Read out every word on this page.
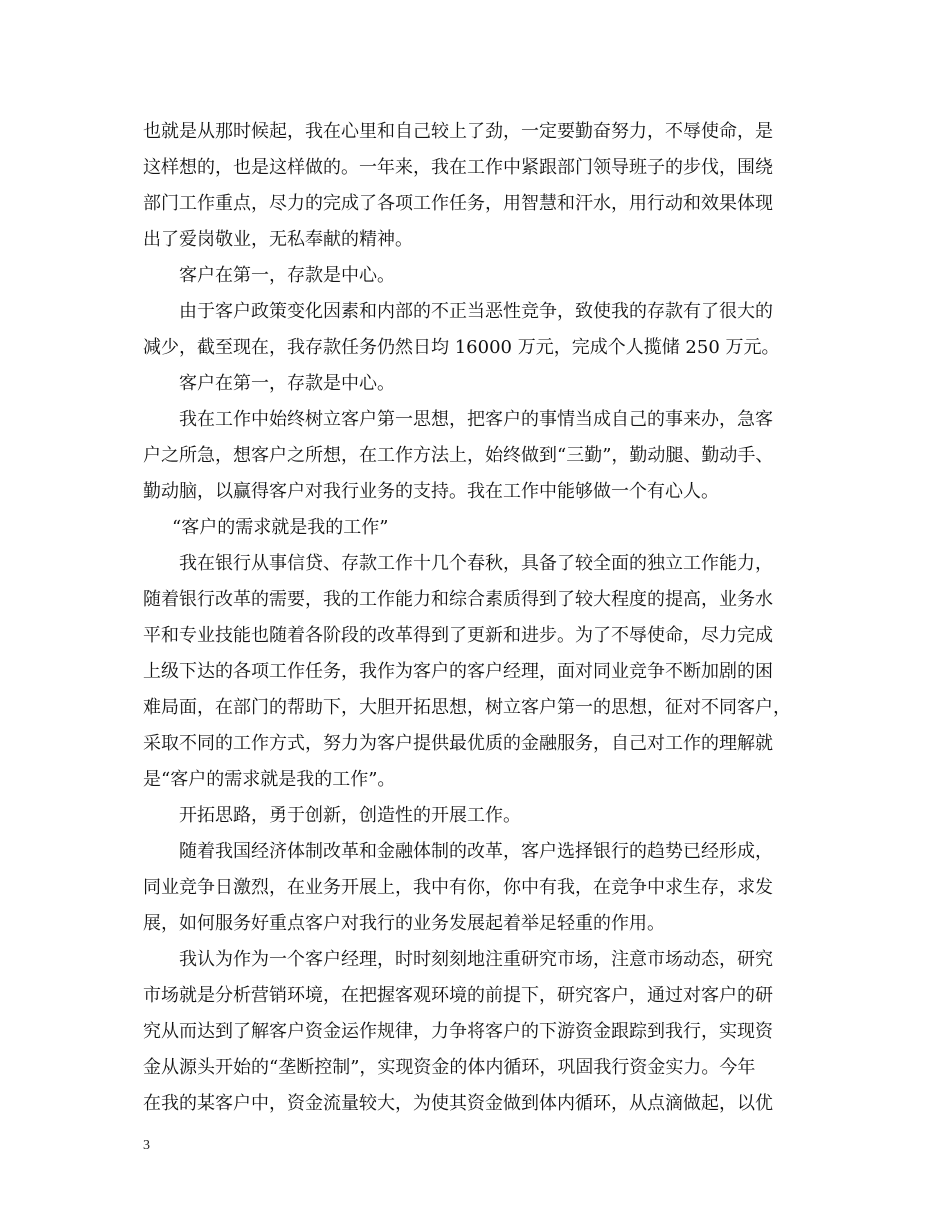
也就是从那时候起，我在心里和自己较上了劲，一定要勤奋努力，不辱使命，是
这样想的，也是这样做的。一年来，我在工作中紧跟部门领导班子的步伐，围绕
部门工作重点，尽力的完成了各项工作任务，用智慧和汗水，用行动和效果体现
出了爱岗敬业，无私奉献的精神。
客户在第一，存款是中心。
由于客户政策变化因素和内部的不正当恶性竞争，致使我的存款有了很大的
减少，截至现在，我存款任务仍然日均 16000 万元，完成个人揽储 250 万元。
客户在第一，存款是中心。
我在工作中始终树立客户第一思想，把客户的事情当成自己的事来办，急客
户之所急，想客户之所想，在工作方法上，始终做到“三勤”，勤动腿、勤动手、
勤动脑，以赢得客户对我行业务的支持。我在工作中能够做一个有心人。
“客户的需求就是我的工作”
我在银行从事信贷、存款工作十几个春秋，具备了较全面的独立工作能力，
随着银行改革的需要，我的工作能力和综合素质得到了较大程度的提高，业务水
平和专业技能也随着各阶段的改革得到了更新和进步。为了不辱使命，尽力完成
上级下达的各项工作任务，我作为客户的客户经理，面对同业竞争不断加剧的困
难局面，在部门的帮助下，大胆开拓思想，树立客户第一的思想，征对不同客户，
采取不同的工作方式，努力为客户提供最优质的金融服务，自己对工作的理解就
是“客户的需求就是我的工作”。
开拓思路，勇于创新，创造性的开展工作。
随着我国经济体制改革和金融体制的改革，客户选择银行的趋势已经形成，
同业竞争日激烈，在业务开展上，我中有你，你中有我，在竞争中求生存，求发
展，如何服务好重点客户对我行的业务发展起着举足轻重的作用。
我认为作为一个客户经理，时时刻刻地注重研究市场，注意市场动态，研究
市场就是分析营销环境，在把握客观环境的前提下，研究客户，通过对客户的研
究从而达到了解客户资金运作规律，力争将客户的下游资金跟踪到我行，实现资
金从源头开始的“垄断控制”，实现资金的体内循环，巩固我行资金实力。今年
在我的某客户中，资金流量较大，为使其资金做到体内循环，从点滴做起，以优
3
